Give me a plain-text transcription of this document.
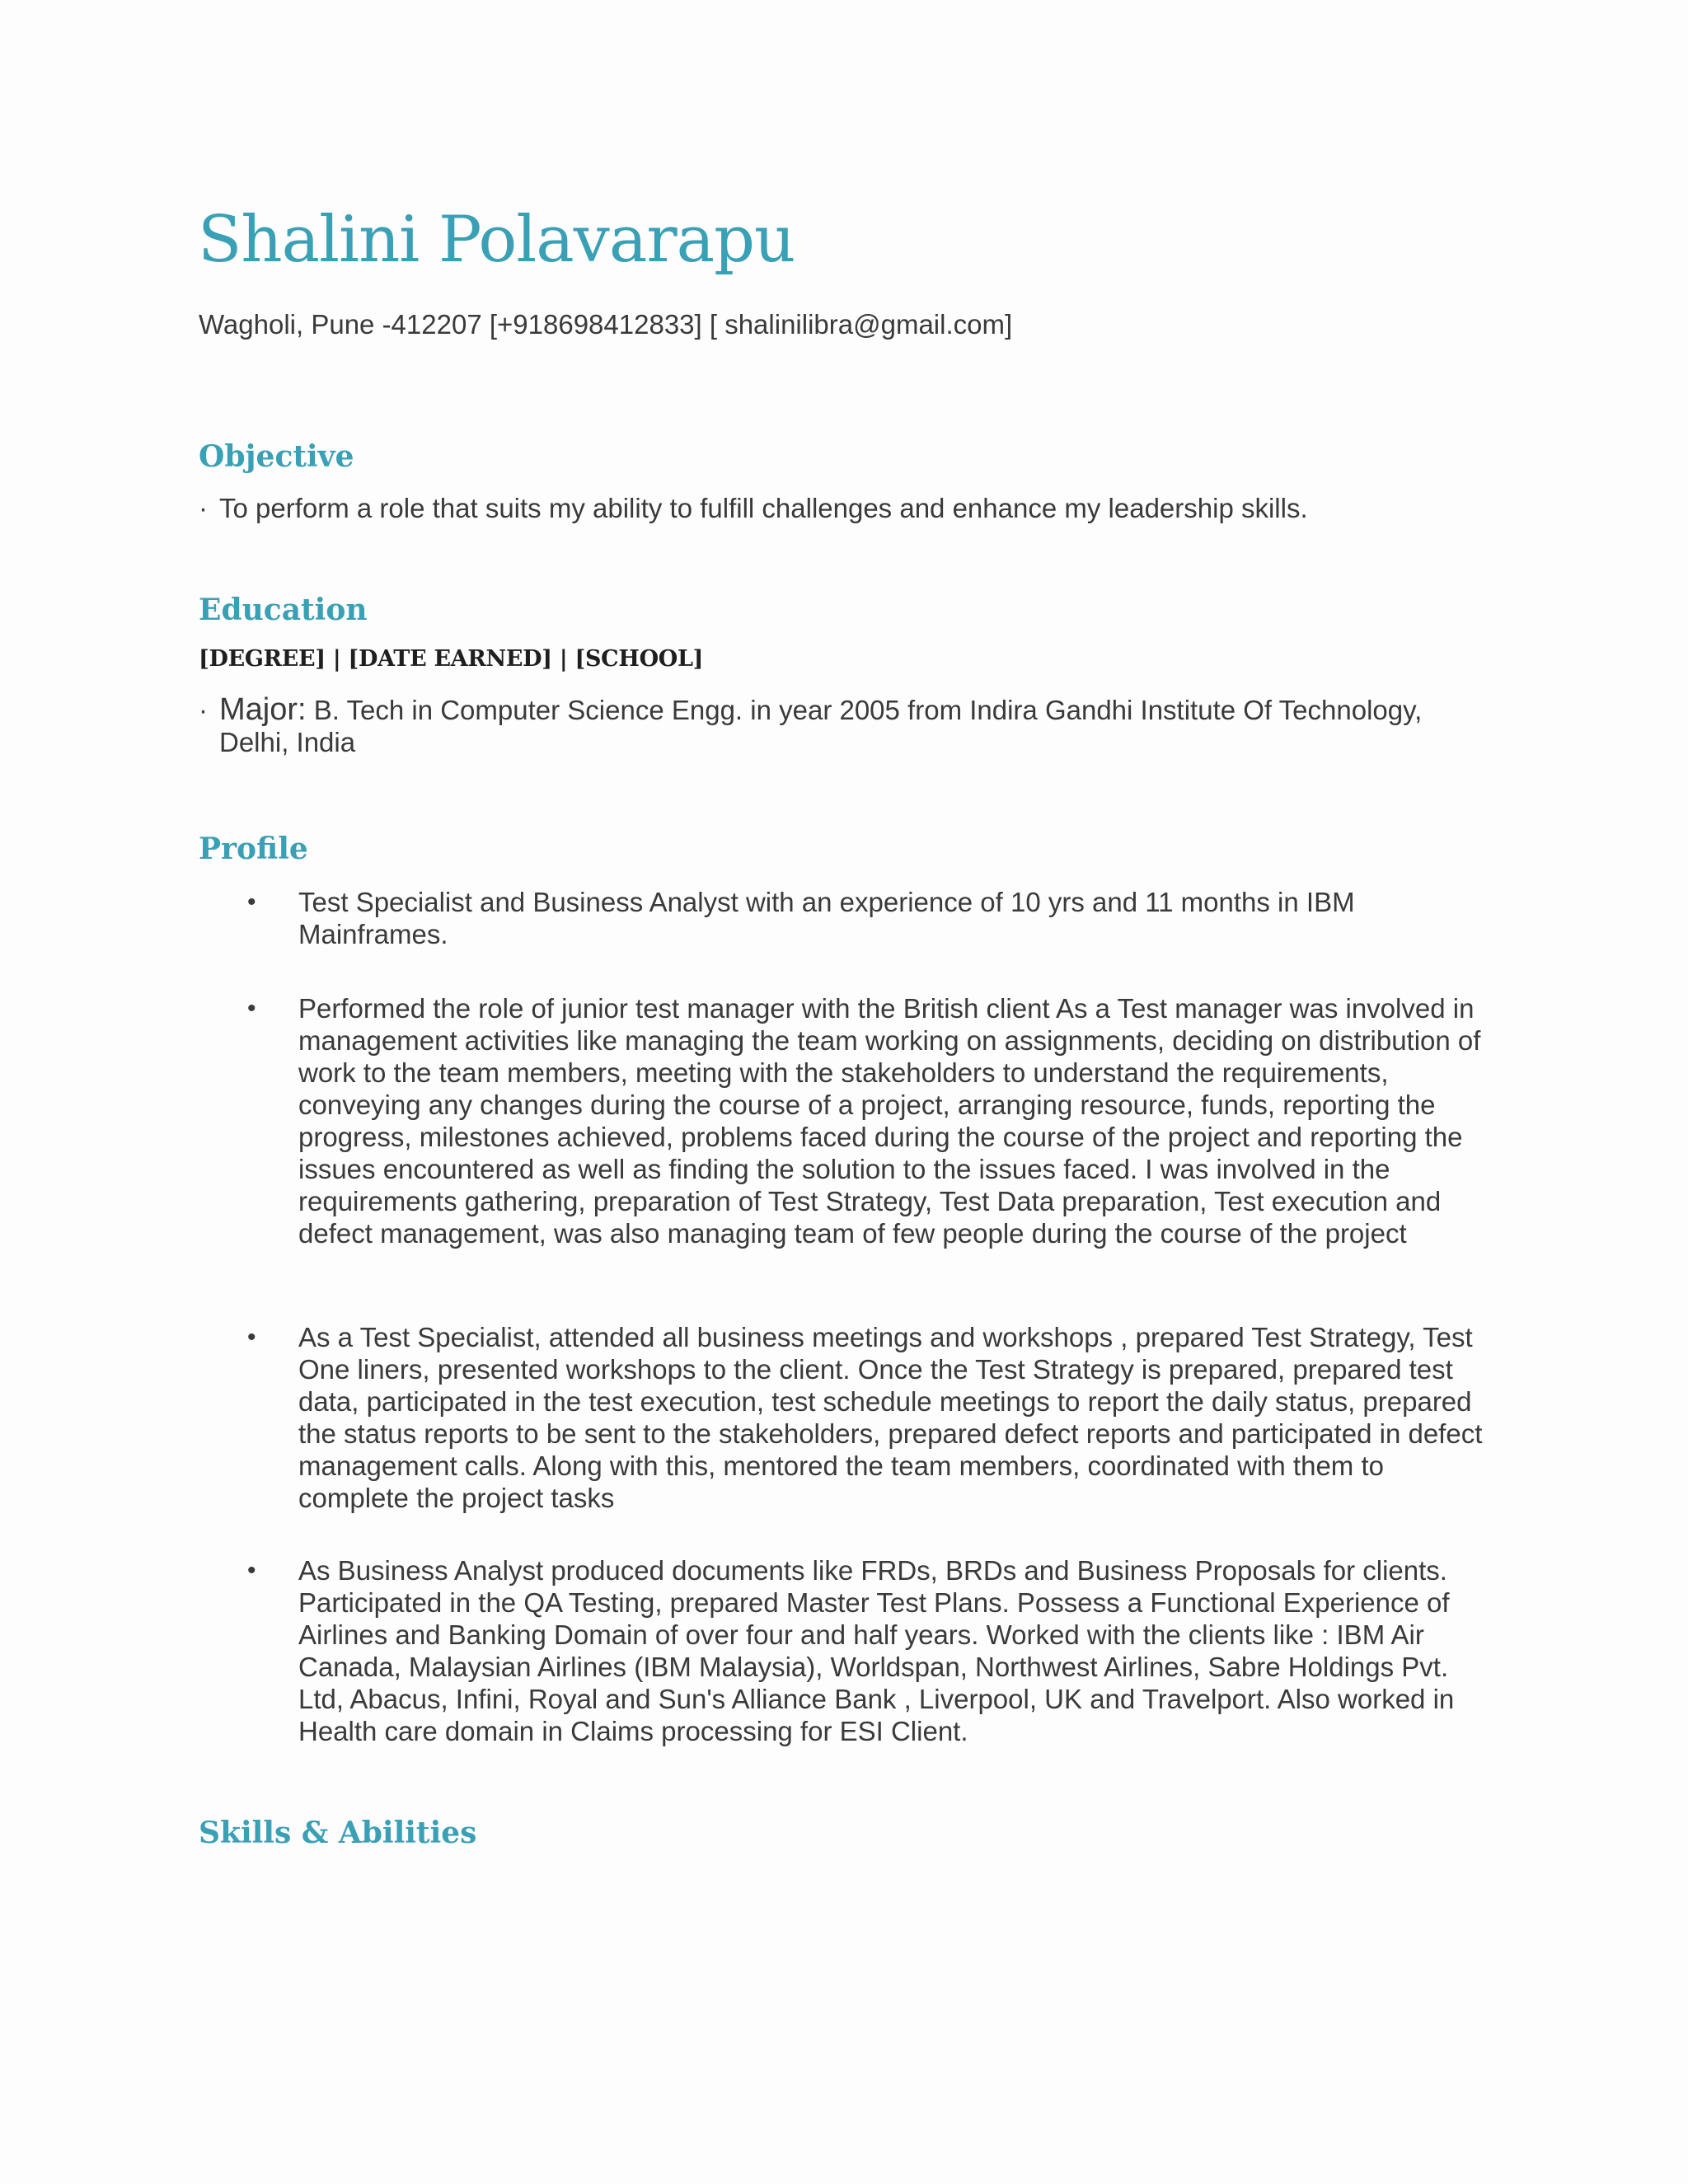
Shalini Polavarapu
Wagholi, Pune -412207 [+918698412833] [ shalinilibra@gmail.com]
Objective
· To perform a role that suits my ability to fulfill challenges and enhance my leadership skills.
Education
[DEGREE] | [DATE EARNED] | [SCHOOL]
· Major: B. Tech in Computer Science Engg. in year 2005 from Indira Gandhi Institute Of Technology, Delhi, India
Profile
•	Test Specialist and Business Analyst with an experience of 10 yrs and 11 months in IBM Mainframes.
•	Performed the role of junior test manager with the British client As a Test manager was involved in management activities like managing the team working on assignments, deciding on distribution of work to the team members, meeting with the stakeholders to understand the requirements, conveying any changes during the course of a project, arranging resource, funds, reporting the progress, milestones achieved, problems faced during the course of the project and reporting the issues encountered as well as finding the solution to the issues faced. I was involved in the requirements gathering, preparation of Test Strategy, Test Data preparation, Test execution and defect management, was also managing team of few people during the course of the project
•	As a Test Specialist, attended all business meetings and workshops , prepared Test Strategy, Test One liners, presented workshops to the client. Once the Test Strategy is prepared, prepared test data, participated in the test execution, test schedule meetings to report the daily status, prepared the status reports to be sent to the stakeholders, prepared defect reports and participated in defect management calls. Along with this, mentored the team members, coordinated with them to complete the project tasks
•	As Business Analyst produced documents like FRDs, BRDs and Business Proposals for clients. Participated in the QA Testing, prepared Master Test Plans. Possess a Functional Experience of Airlines and Banking Domain of over four and half years. Worked with the clients like : IBM Air Canada, Malaysian Airlines (IBM Malaysia), Worldspan, Northwest Airlines, Sabre Holdings Pvt. Ltd, Abacus, Infini, Royal and Sun's Alliance Bank , Liverpool, UK and Travelport. Also worked in Health care domain in Claims processing for ESI Client.
Skills & Abilities
